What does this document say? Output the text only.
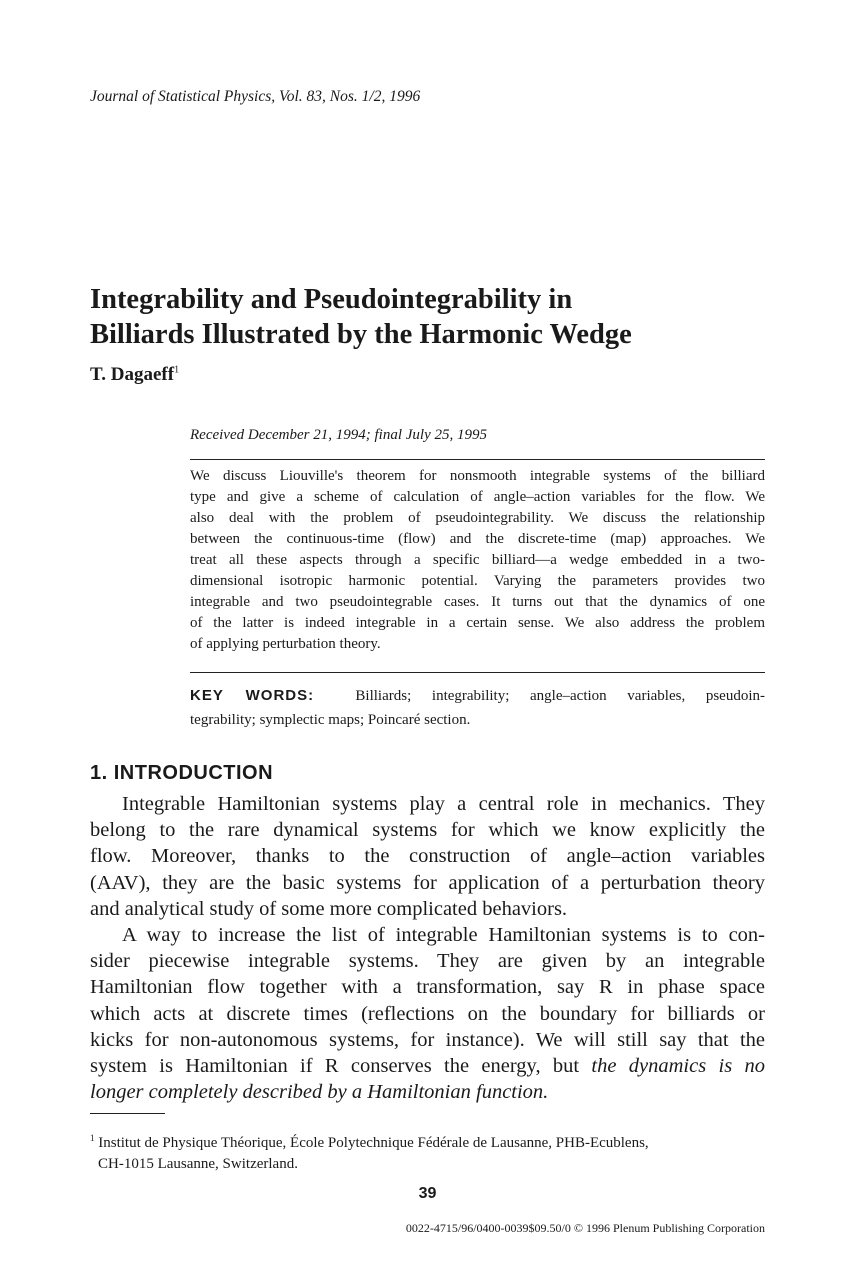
Journal of Statistical Physics, Vol. 83, Nos. 1/2, 1996
Integrability and Pseudointegrability in
Billiards Illustrated by the Harmonic Wedge
T. Dagaeff$^1$
Received December 21, 1994; final July 25, 1995
We discuss Liouville's theorem for nonsmooth integrable systems of the billiard
type and give a scheme of calculation of angle–action variables for the flow. We
also deal with the problem of pseudointegrability. We discuss the relationship
between the continuous-time (flow) and the discrete-time (map) approaches. We
treat all these aspects through a specific billiard—a wedge embedded in a two-
dimensional isotropic harmonic potential. Varying the parameters provides two
integrable and two pseudointegrable cases. It turns out that the dynamics of one
of the latter is indeed integrable in a certain sense. We also address the problem
of applying perturbation theory.
KEY WORDS:	Billiards; integrability; angle–action variables, pseudoin-
tegrability; symplectic maps; Poincaré section.
1. INTRODUCTION
Integrable Hamiltonian systems play a central role in mechanics. They
belong to the rare dynamical systems for which we know explicitly the
flow. Moreover, thanks to the construction of angle–action variables
(AAV), they are the basic systems for application of a perturbation theory
and analytical study of some more complicated behaviors.
A way to increase the list of integrable Hamiltonian systems is to con-
sider piecewise integrable systems. They are given by an integrable
Hamiltonian flow together with a transformation, say R in phase space
which acts at discrete times (reflections on the boundary for billiards or
kicks for non-autonomous systems, for instance). We will still say that the
system is Hamiltonian if R conserves the energy, but the dynamics is no
longer completely described by a Hamiltonian function.
$^1$ Institut de Physique Théorique, École Polytechnique Fédérale de Lausanne, PHB-Ecublens,
CH-1015 Lausanne, Switzerland.
39
0022-4715/96/0400-0039$09.50/0 © 1996 Plenum Publishing Corporation
